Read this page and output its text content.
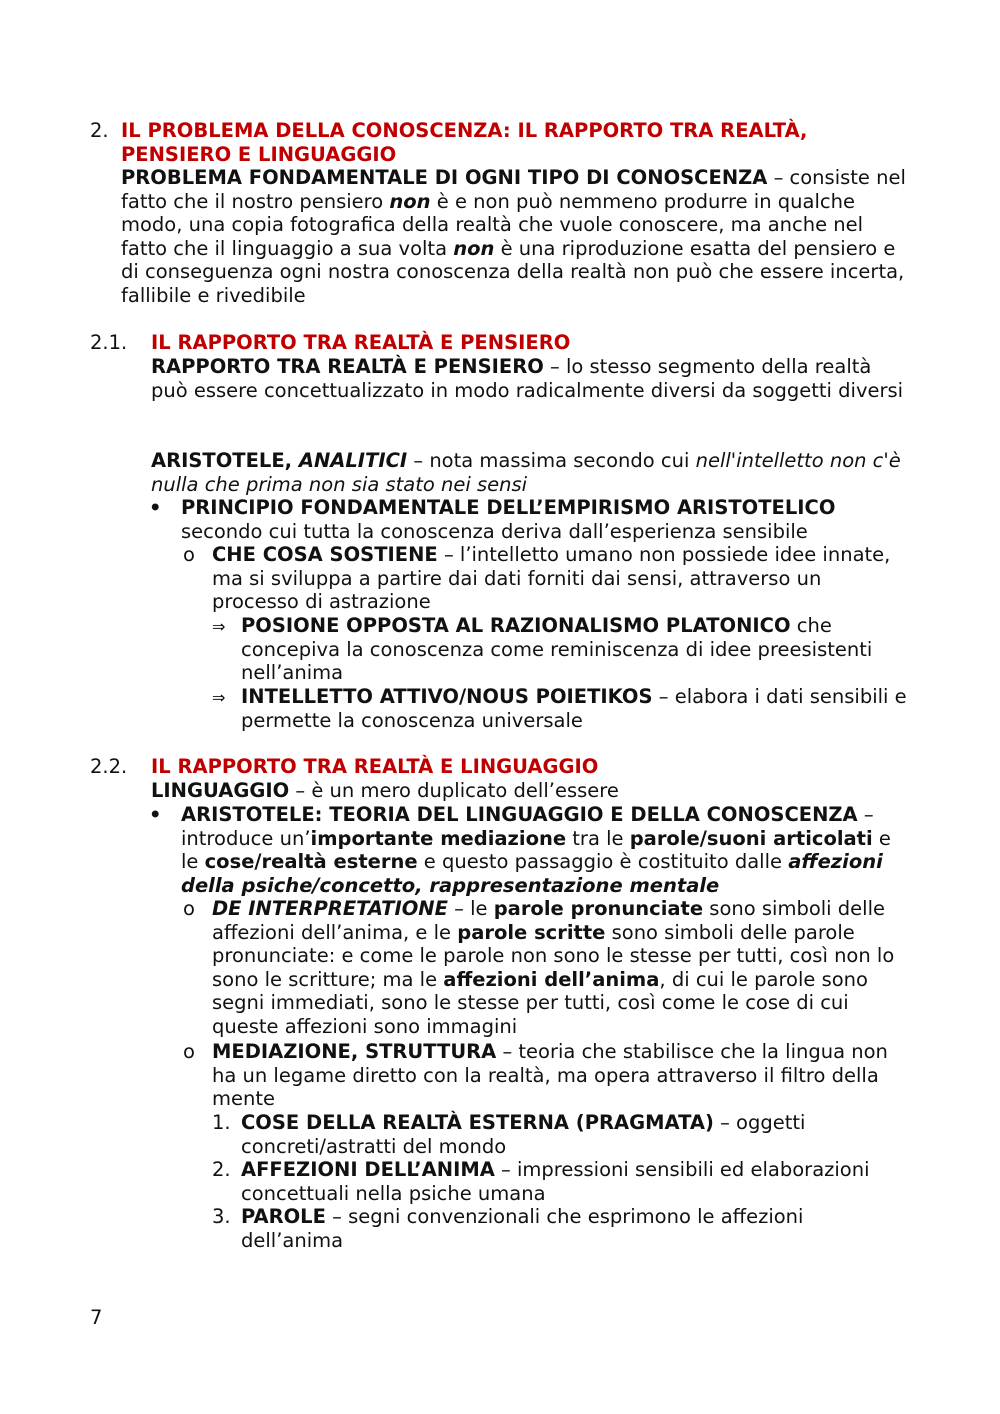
2. IL PROBLEMA DELLA CONOSCENZA: IL RAPPORTO TRA REALTÀ,
PENSIERO E LINGUAGGIO
PROBLEMA FONDAMENTALE DI OGNI TIPO DI CONOSCENZA – consiste nel fatto che il nostro pensiero non è e non può nemmeno produrre in qualche modo, una copia fotografica della realtà che vuole conoscere, ma anche nel fatto che il linguaggio a sua volta non è una riproduzione esatta del pensiero e di conseguenza ogni nostra conoscenza della realtà non può che essere incerta, fallibile e rivedibile
2.1. IL RAPPORTO TRA REALTÀ E PENSIERO
RAPPORTO TRA REALTÀ E PENSIERO – lo stesso segmento della realtà può essere concettualizzato in modo radicalmente diversi da soggetti diversi
ARISTOTELE, ANALITICI – nota massima secondo cui nell'intelletto non c'è nulla che prima non sia stato nei sensi
• PRINCIPIO FONDAMENTALE DELL’EMPIRISMO ARISTOTELICO secondo cui tutta la conoscenza deriva dall’esperienza sensibile
o CHE COSA SOSTIENE – l’intelletto umano non possiede idee innate, ma si sviluppa a partire dai dati forniti dai sensi, attraverso un processo di astrazione
⇒ POSIONE OPPOSTA AL RAZIONALISMO PLATONICO che concepiva la conoscenza come reminiscenza di idee preesistenti nell’anima
⇒ INTELLETTO ATTIVO/NOUS POIETIKOS – elabora i dati sensibili e permette la conoscenza universale
2.2. IL RAPPORTO TRA REALTÀ E LINGUAGGIO
LINGUAGGIO – è un mero duplicato dell’essere
• ARISTOTELE: TEORIA DEL LINGUAGGIO E DELLA CONOSCENZA – introduce un’importante mediazione tra le parole/suoni articolati e le cose/realtà esterne e questo passaggio è costituito dalle affezioni della psiche/concetto, rappresentazione mentale
o DE INTERPRETATIONE – le parole pronunciate sono simboli delle affezioni dell’anima, e le parole scritte sono simboli delle parole pronunciate: e come le parole non sono le stesse per tutti, così non lo sono le scritture; ma le affezioni dell’anima, di cui le parole sono segni immediati, sono le stesse per tutti, così come le cose di cui queste affezioni sono immagini
o MEDIAZIONE, STRUTTURA – teoria che stabilisce che la lingua non ha un legame diretto con la realtà, ma opera attraverso il filtro della mente
1. COSE DELLA REALTÀ ESTERNA (PRAGMATA) – oggetti concreti/astratti del mondo
2. AFFEZIONI DELL’ANIMA – impressioni sensibili ed elaborazioni concettuali nella psiche umana
3. PAROLE – segni convenzionali che esprimono le affezioni dell’anima
7
